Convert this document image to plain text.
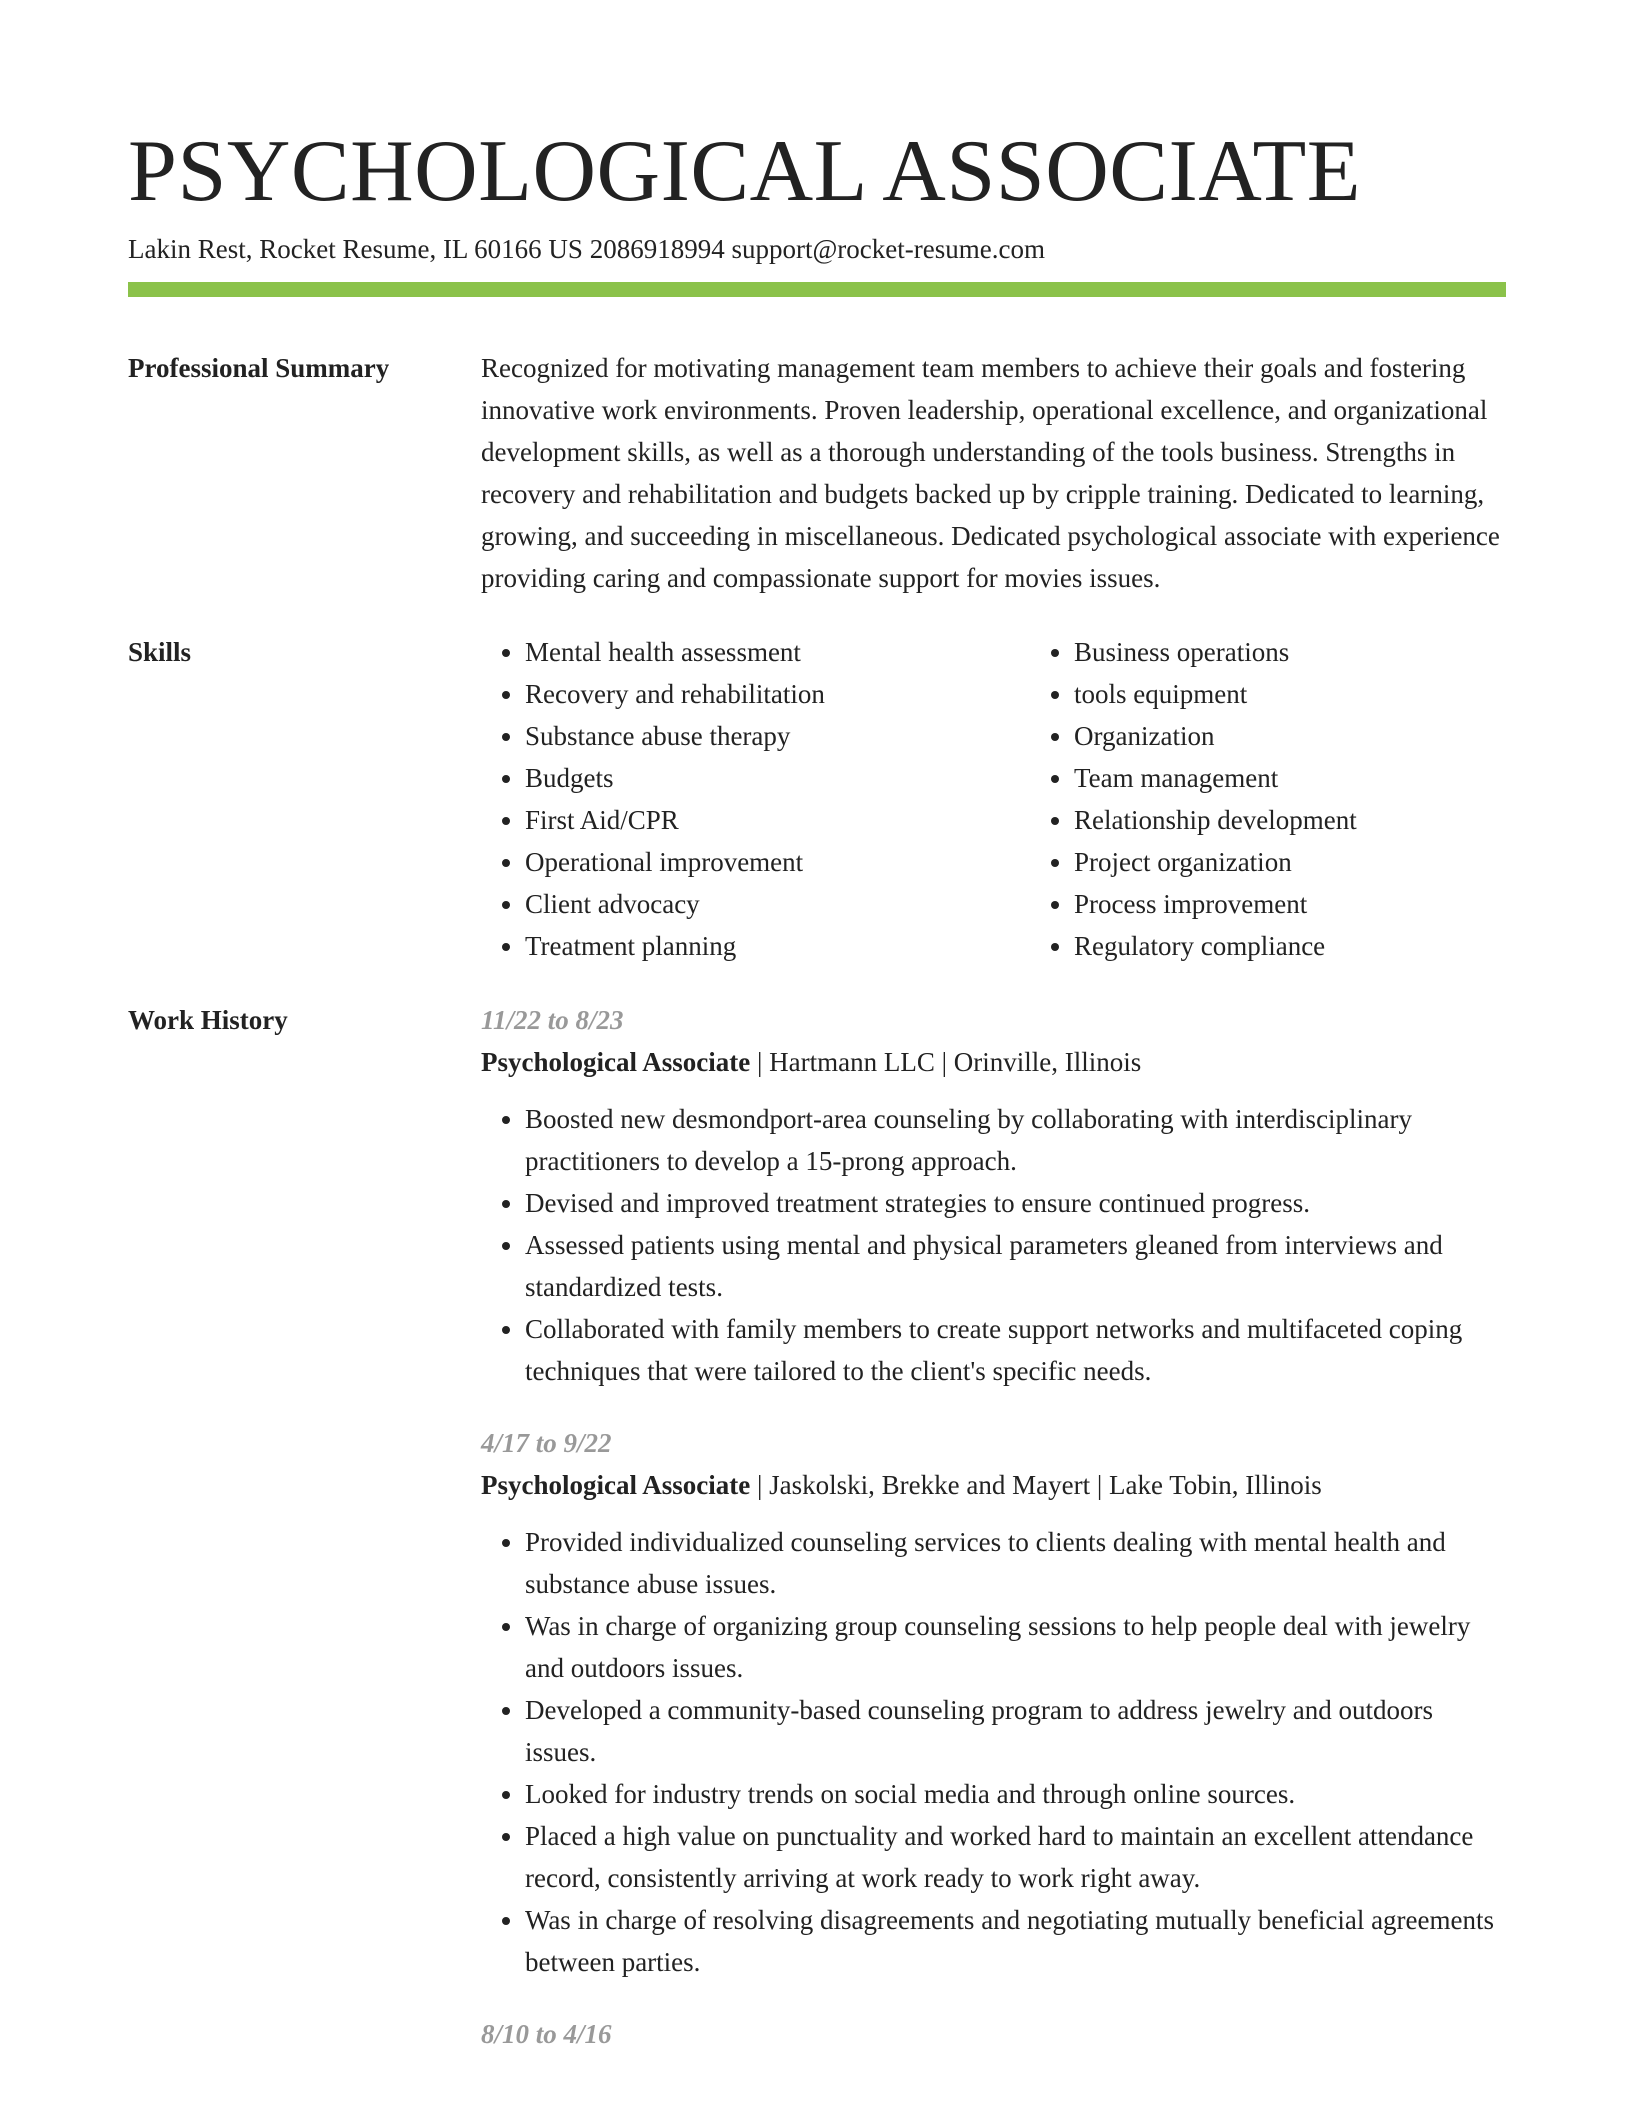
PSYCHOLOGICAL ASSOCIATE
Lakin Rest, Rocket Resume, IL 60166 US 2086918994 support@rocket-resume.com
Professional Summary	Recognized for motivating management team members to achieve their goals and fostering innovative work environments. Proven leadership, operational excellence, and organizational development skills, as well as a thorough understanding of the tools business. Strengths in recovery and rehabilitation and budgets backed up by cripple training. Dedicated to learning, growing, and succeeding in miscellaneous. Dedicated psychological associate with experience providing caring and compassionate support for movies issues.

Skills
•	Mental health assessment
• Recovery and rehabilitation
• Substance abuse therapy
• Budgets
• First Aid/CPR
• Operational improvement
• Client advocacy
• Treatment planning
• Business operations
• tools equipment
• Organization
• Team management
• Relationship development
• Project organization
• Process improvement
• Regulatory compliance
Work History	11/22 to 8/23
Psychological Associate | Hartmann LLC | Orinville, Illinois
• Boosted new desmondport-area counseling by collaborating with interdisciplinary practitioners to develop a 15-prong approach.
• Devised and improved treatment strategies to ensure continued progress.
• Assessed patients using mental and physical parameters gleaned from interviews and standardized tests.
• Collaborated with family members to create support networks and multifaceted coping techniques that were tailored to the client's specific needs.
4/17 to 9/22
Psychological Associate | Jaskolski, Brekke and Mayert | Lake Tobin, Illinois
• Provided individualized counseling services to clients dealing with mental health and substance abuse issues.
• Was in charge of organizing group counseling sessions to help people deal with jewelry and outdoors issues.
• Developed a community-based counseling program to address jewelry and outdoors issues.
• Looked for industry trends on social media and through online sources.
• Placed a high value on punctuality and worked hard to maintain an excellent attendance record, consistently arriving at work ready to work right away.
• Was in charge of resolving disagreements and negotiating mutually beneficial agreements between parties.
8/10 to 4/16
